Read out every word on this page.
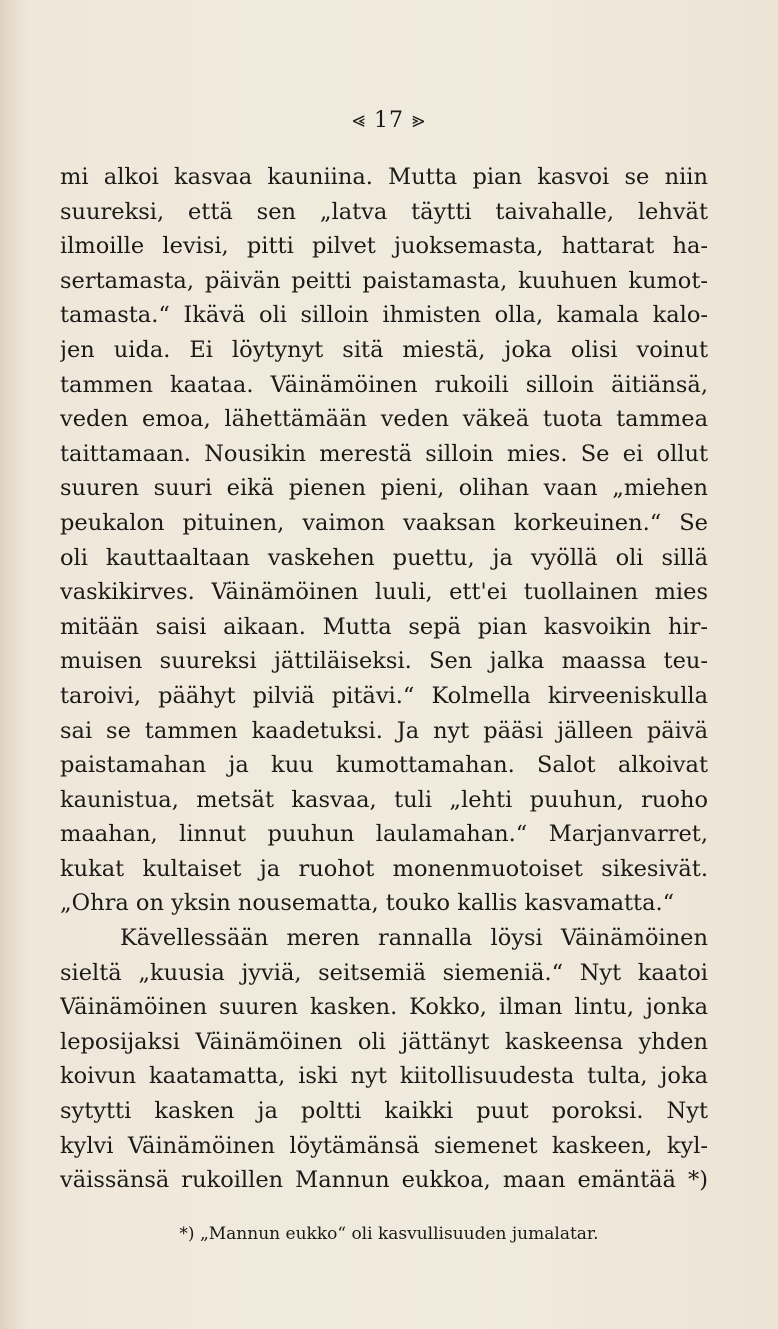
⪡ 17 ⪢
mi alkoi kasvaa kauniina. Mutta pian kasvoi se niin
suureksi, että sen „latva täytti taivahalle, lehvät
ilmoille levisi, pitti pilvet juoksemasta, hattarat ha-
sertamasta, päivän peitti paistamasta, kuuhuen kumot-
tamasta.“ Ikävä oli silloin ihmisten olla, kamala kalo-
jen uida. Ei löytynyt sitä miestä, joka olisi voinut
tammen kaataa. Väinämöinen rukoili silloin äitiänsä,
veden emoa, lähettämään veden väkeä tuota tammea
taittamaan. Nousikin merestä silloin mies. Se ei ollut
suuren suuri eikä pienen pieni, olihan vaan „miehen
peukalon pituinen, vaimon vaaksan korkeuinen.“ Se
oli kauttaaltaan vaskehen puettu, ja vyöllä oli sillä
vaskikirves. Väinämöinen luuli, ett'ei tuollainen mies
mitään saisi aikaan. Mutta sepä pian kasvoikin hir-
muisen suureksi jättiläiseksi. Sen jalka maassa teu-
taroivi, päähyt pilviä pitävi.“ Kolmella kirveeniskulla
sai se tammen kaadetuksi. Ja nyt pääsi jälleen päivä
paistamahan ja kuu kumottamahan. Salot alkoivat
kaunistua, metsät kasvaa, tuli „lehti puuhun, ruoho
maahan, linnut puuhun laulamahan.“ Marjanvarret,
kukat kultaiset ja ruohot monenmuotoiset sikesivät.
„Ohra on yksin nousematta, touko kallis kasvamatta.“
Kävellessään meren rannalla löysi Väinämöinen
sieltä „kuusia jyviä, seitsemiä siemeniä.“ Nyt kaatoi
Väinämöinen suuren kasken. Kokko, ilman lintu, jonka
leposijaksi Väinämöinen oli jättänyt kaskeensa yhden
koivun kaatamatta, iski nyt kiitollisuudesta tulta, joka
sytytti kasken ja poltti kaikki puut poroksi. Nyt
kylvi Väinämöinen löytämänsä siemenet kaskeen, kyl-
väissänsä rukoillen Mannun eukkoa, maan emäntää *)
*) „Mannun eukko“ oli kasvullisuuden jumalatar.
